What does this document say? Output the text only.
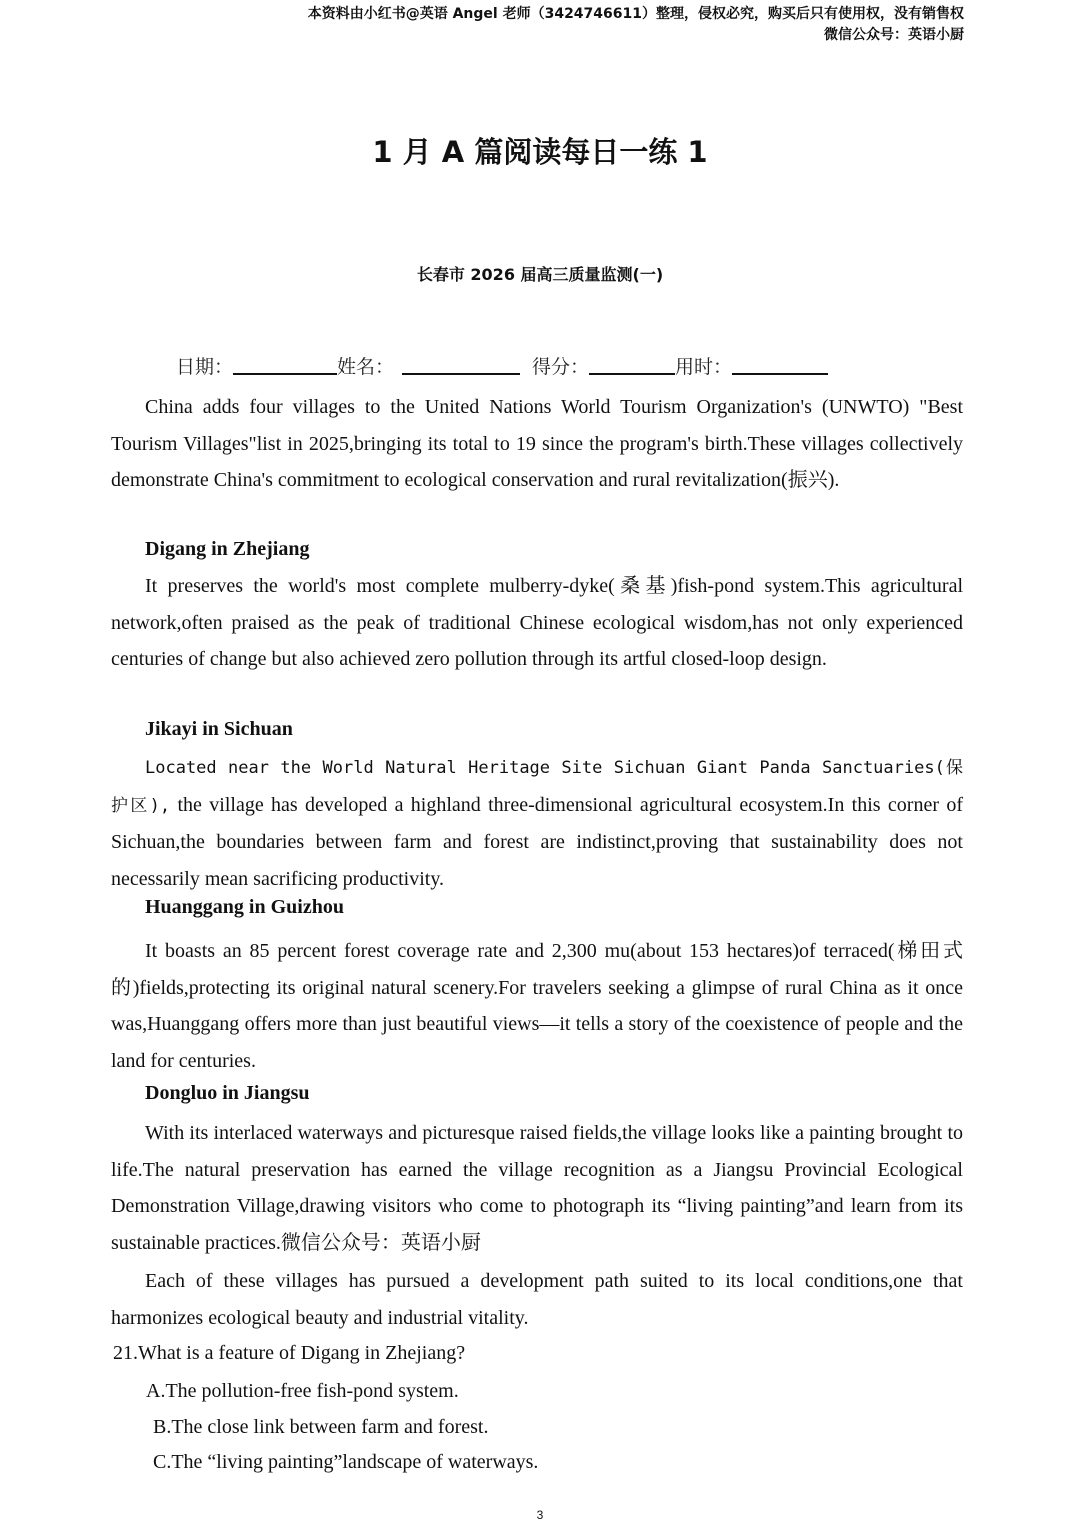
本资料由小红书@英语 Angel 老师（3424746611）整理，侵权必究，购买后只有使用权，没有销售权
微信公众号：英语小厨
1 月 A 篇阅读每日一练 1
长春市 2026 届高三质量监测(一)
日期：	姓名：	得分：	用时：

China adds four villages to the United Nations World Tourism Organization's (UNWTO) "Best Tourism Villages"list in 2025,bringing its total to 19 since the program's birth.These villages collectively demonstrate China's commitment to ecological conservation and rural revitalization(振兴).

Digang in Zhejiang

It preserves the world's most complete mulberry-dyke(桑基)fish-pond system.This agricultural network,often praised as the peak of traditional Chinese ecological wisdom,has not only experienced centuries of change but also achieved zero pollution through its artful closed-loop design.

Jikayi in Sichuan

Located near the World Natural Heritage Site Sichuan Giant Panda Sanctuaries(保护区), the village has developed a highland three-dimensional agricultural ecosystem.In this corner of Sichuan,the boundaries between farm and forest are indistinct,proving that sustainability does not necessarily mean sacrificing productivity.

Huanggang in Guizhou

It boasts an 85 percent forest coverage rate and 2,300 mu(about 153 hectares)of terraced(梯田式的)fields,protecting its original natural scenery.For travelers seeking a glimpse of rural China as it once was,Huanggang offers more than just beautiful views—it tells a story of the coexistence of people and the land for centuries.

Dongluo in Jiangsu

With its interlaced waterways and picturesque raised fields,the village looks like a painting brought to life.The natural preservation has earned the village recognition as a Jiangsu Provincial Ecological Demonstration Village,drawing visitors who come to photograph its “living painting”and learn from its sustainable practices.微信公众号：英语小厨

Each of these villages has pursued a development path suited to its local conditions,one that harmonizes ecological beauty and industrial vitality.

21.What is a feature of Digang in Zhejiang?

A.The pollution-free fish-pond system.

B.The close link between farm and forest.

C.The “living painting”landscape of waterways.

3
